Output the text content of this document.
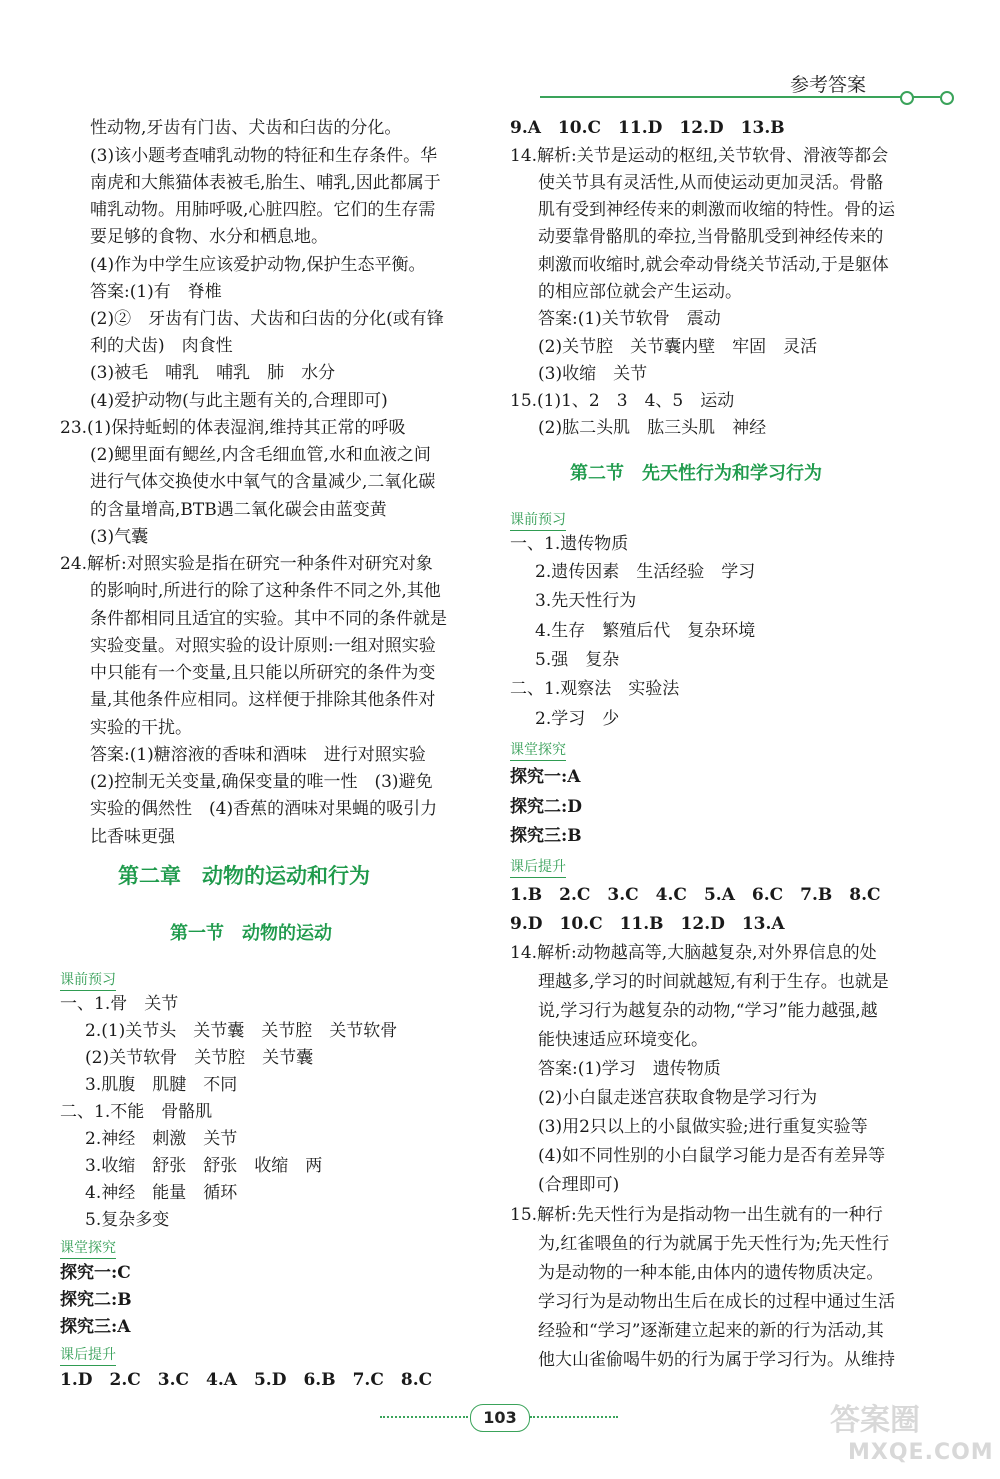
参考答案
性动物,牙齿有门齿、犬齿和臼齿的分化。
(3)该小题考查哺乳动物的特征和生存条件。华
南虎和大熊猫体表被毛,胎生、哺乳,因此都属于
哺乳动物。用肺呼吸,心脏四腔。它们的生存需
要足够的食物、水分和栖息地。
(4)作为中学生应该爱护动物,保护生态平衡。
答案:(1)有　脊椎
(2)②　牙齿有门齿、犬齿和臼齿的分化(或有锋
利的犬齿)　肉食性
(3)被毛　哺乳　哺乳　肺　水分
(4)爱护动物(与此主题有关的,合理即可)
23.(1)保持蚯蚓的体表湿润,维持其正常的呼吸
(2)鳃里面有鳃丝,内含毛细血管,水和血液之间
进行气体交换使水中氧气的含量减少,二氧化碳
的含量增高,BTB遇二氧化碳会由蓝变黄
(3)气囊
24.解析:对照实验是指在研究一种条件对研究对象
的影响时,所进行的除了这种条件不同之外,其他
条件都相同且适宜的实验。其中不同的条件就是
实验变量。对照实验的设计原则:一组对照实验
中只能有一个变量,且只能以所研究的条件为变
量,其他条件应相同。这样便于排除其他条件对
实验的干扰。
答案:(1)糖溶液的香味和酒味　进行对照实验
(2)控制无关变量,确保变量的唯一性　(3)避免
实验的偶然性　(4)香蕉的酒味对果蝇的吸引力
比香味更强
第二章　动物的运动和行为
第一节　动物的运动
课前预习
一、1.骨　关节
2.(1)关节头　关节囊　关节腔　关节软骨
(2)关节软骨　关节腔　关节囊
3.肌腹　肌腱　不同
二、1.不能　骨骼肌
2.神经　刺激　关节
3.收缩　舒张　舒张　收缩　两
4.神经　能量　循环
5.复杂多变
课堂探究
探究一:C
探究二:B
探究三:A
课后提升
1.D　2.C　3.C　4.A　5.D　6.B　7.C　8.C
9.A　10.C　11.D　12.D　13.B
14.解析:关节是运动的枢纽,关节软骨、滑液等都会
使关节具有灵活性,从而使运动更加灵活。骨骼
肌有受到神经传来的刺激而收缩的特性。骨的运
动要靠骨骼肌的牵拉,当骨骼肌受到神经传来的
刺激而收缩时,就会牵动骨绕关节活动,于是躯体
的相应部位就会产生运动。
答案:(1)关节软骨　震动
(2)关节腔　关节囊内壁　牢固　灵活
(3)收缩　关节
15.(1)1、2　3　4、5　运动
(2)肱二头肌　肱三头肌　神经
第二节　先天性行为和学习行为
课前预习
一、1.遗传物质
2.遗传因素　生活经验　学习
3.先天性行为
4.生存　繁殖后代　复杂环境
5.强　复杂
二、1.观察法　实验法
2.学习　少
课堂探究
探究一:A
探究二:D
探究三:B
课后提升
1.B　2.C　3.C　4.C　5.A　6.C　7.B　8.C
9.D　10.C　11.B　12.D　13.A
14.解析:动物越高等,大脑越复杂,对外界信息的处
理越多,学习的时间就越短,有利于生存。也就是
说,学习行为越复杂的动物,“学习”能力越强,越
能快速适应环境变化。
答案:(1)学习　遗传物质
(2)小白鼠走迷宫获取食物是学习行为
(3)用2只以上的小鼠做实验;进行重复实验等
(4)如不同性别的小白鼠学习能力是否有差异等
(合理即可)
15.解析:先天性行为是指动物一出生就有的一种行
为,红雀喂鱼的行为就属于先天性行为;先天性行
为是动物的一种本能,由体内的遗传物质决定。
学习行为是动物出生后在成长的过程中通过生活
经验和“学习”逐渐建立起来的新的行为活动,其
他大山雀偷喝牛奶的行为属于学习行为。从维持
103	答案圈
MXQE.COM
